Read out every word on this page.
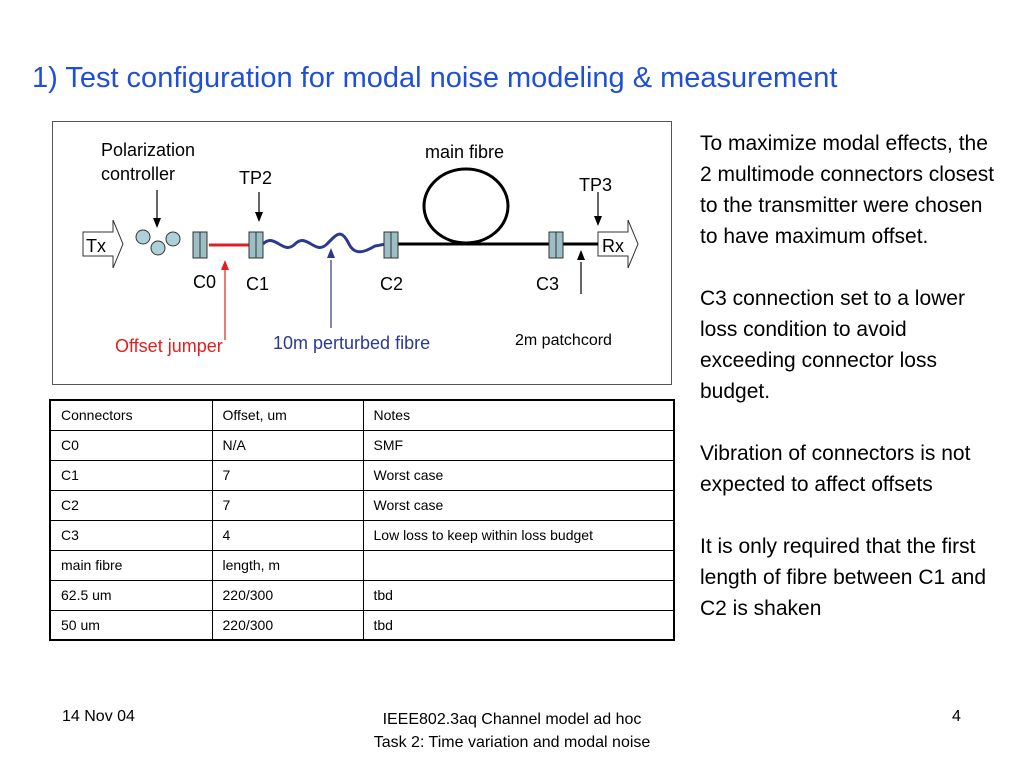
1) Test configuration for modal noise modeling & measurement
Polarization
controller
main fibre
TP2	TP3
Tx	Rx
C0 C1	C2	C3
Offset jumper	10m perturbed fibre	2m patchcord
Connectors	Offset, um	Notes
C0	N/A	SMF
C1	7	Worst case
C2	7	Worst case
C3	4	Low loss to keep within loss budget
main fibre	length, m	
62.5 um	220/300	tbd
50 um	220/300	tbd

To maximize modal effects, the 2 multimode connectors closest to the transmitter were chosen to have maximum offset.

C3 connection set to a lower loss condition to avoid exceeding connector loss budget.

Vibration of connectors is not expected to affect offsets

It is only required that the first length of fibre between C1 and C2 is shaken

14 Nov 04	IEEE802.3aq Channel model ad hoc
Task 2: Time variation and modal noise
4
